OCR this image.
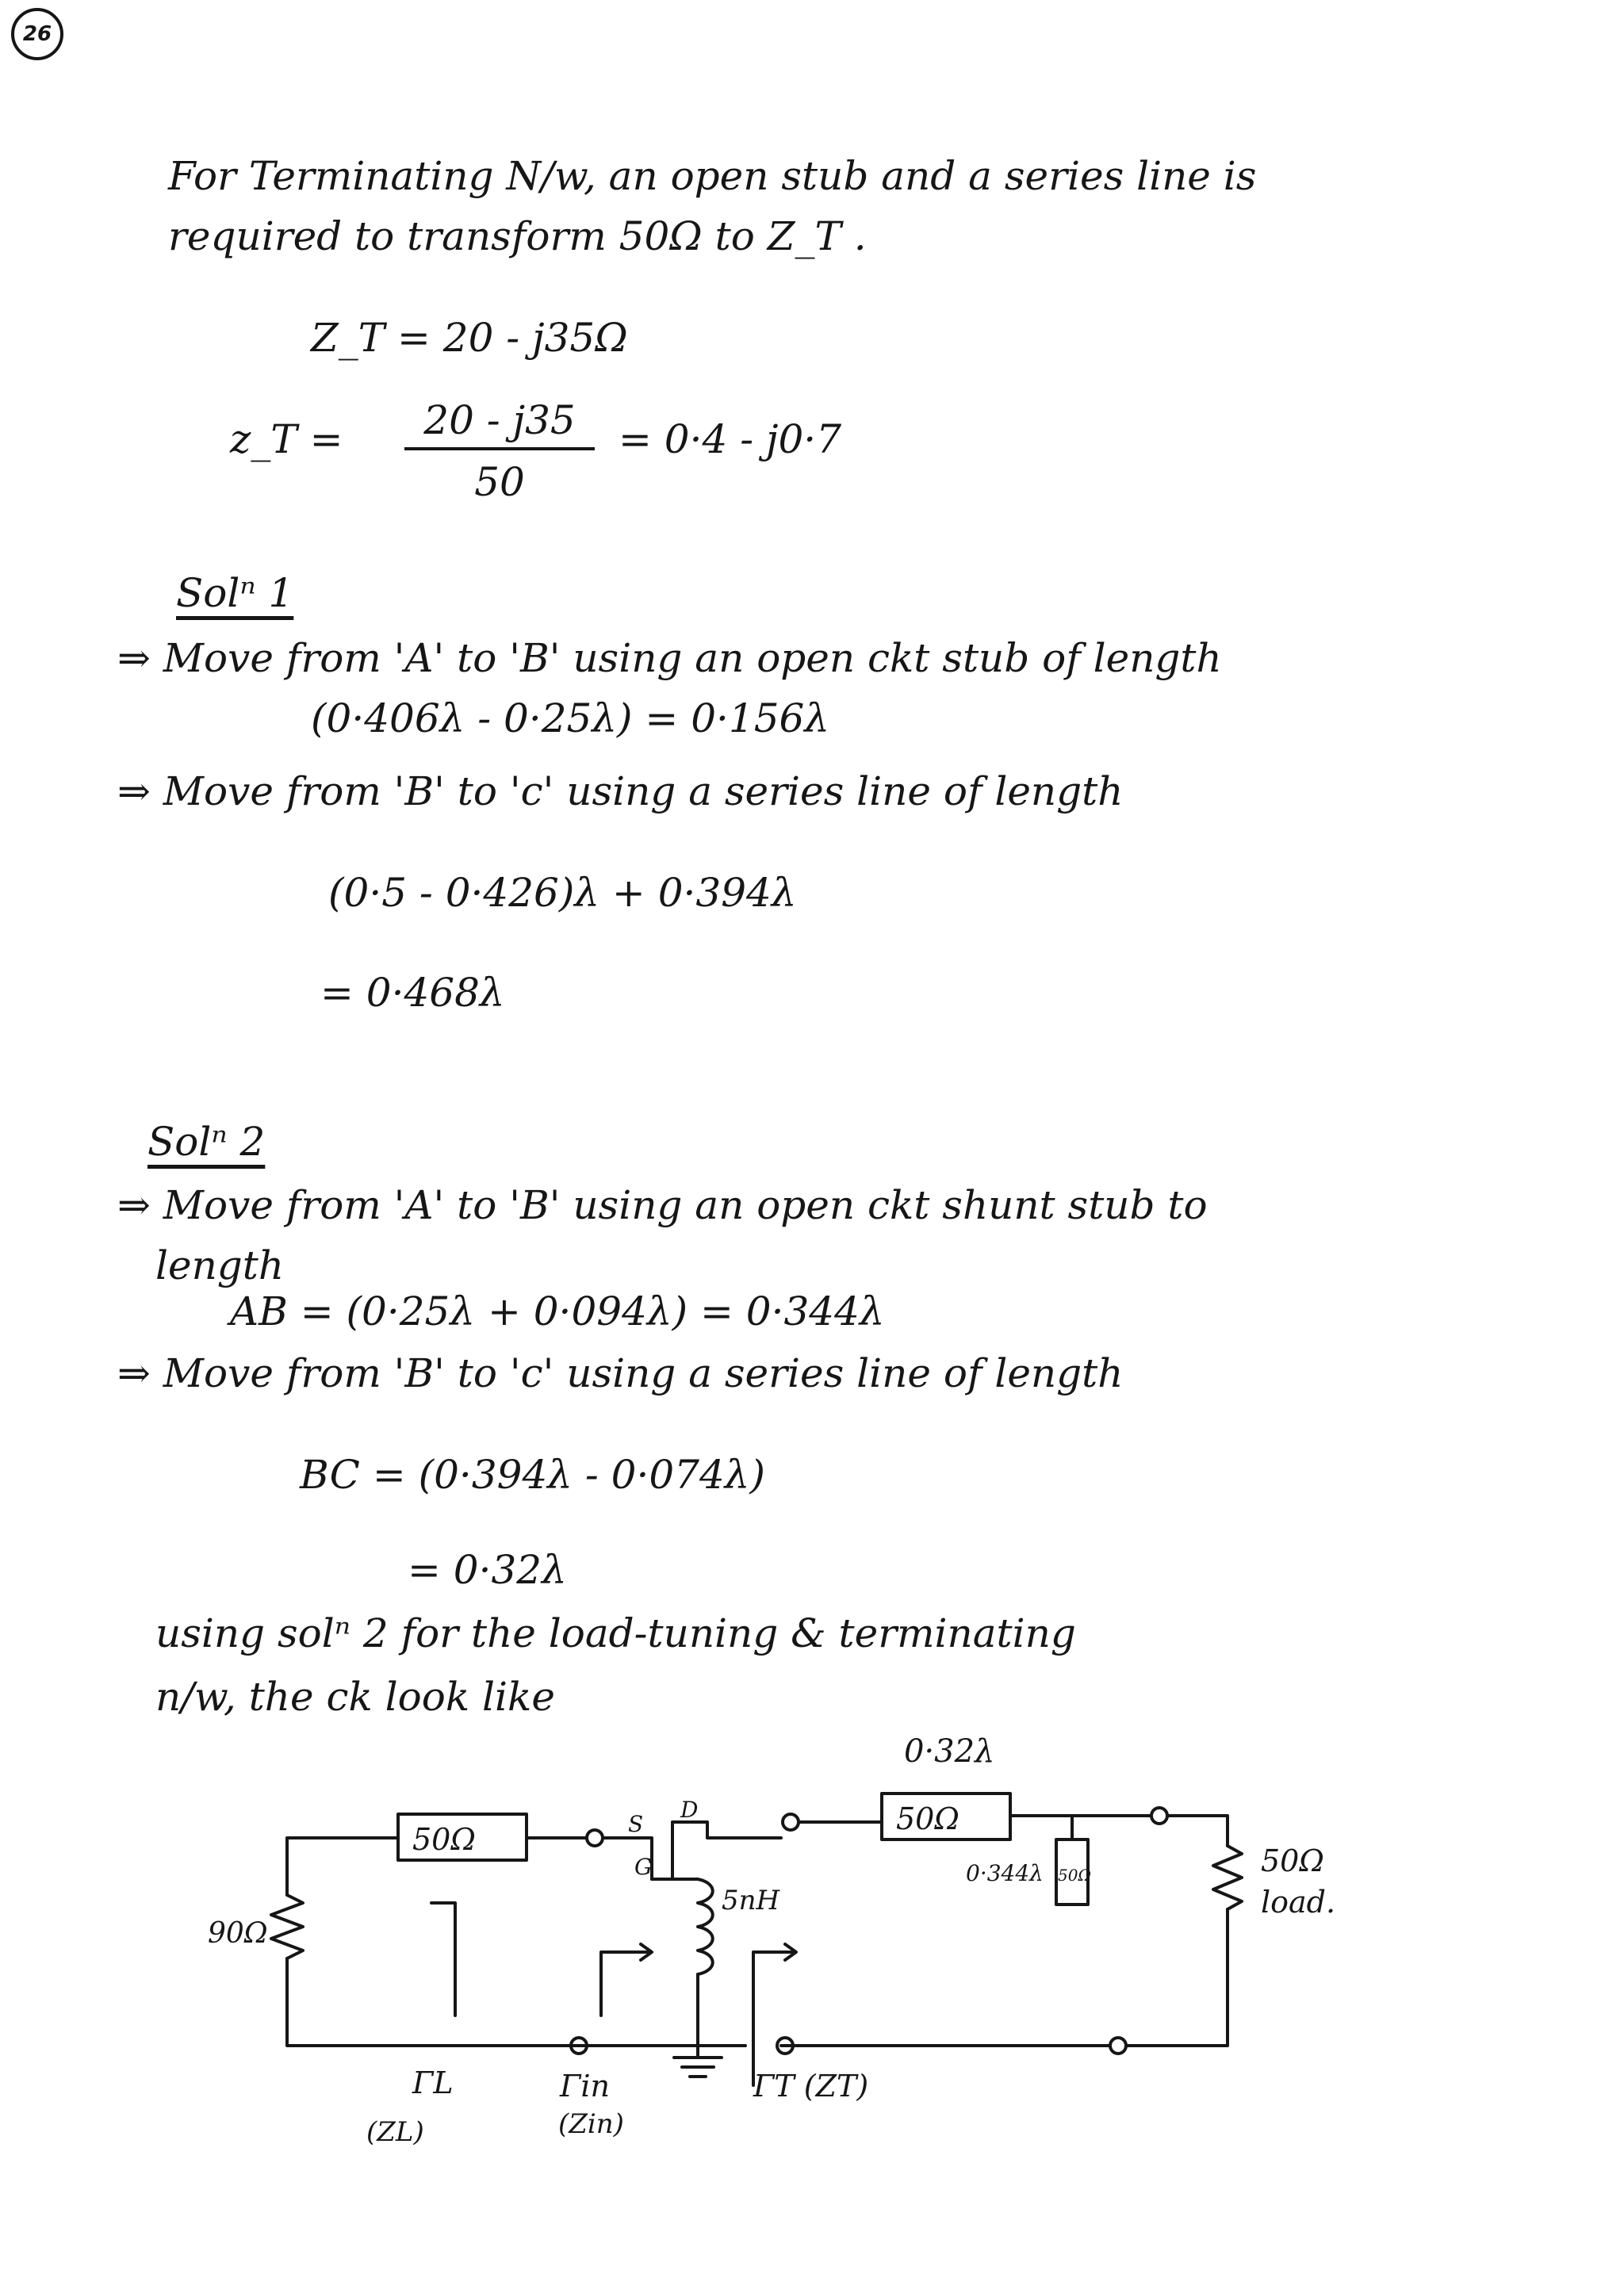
26
For Terminating N/w, an open stub and a series line is
required to transform 50Ω to Z_T .
Z_T = 20 - j35Ω
z_T =	20 - j35
50
= 0·4 - j0·7
Solⁿ 1
⇒ Move from 'A' to 'B' using an open ckt stub of length
(0·406λ - 0·25λ) = 0·156λ
⇒ Move from 'B' to 'c' using a series line of length
(0·5 - 0·426)λ + 0·394λ
= 0·468λ
Solⁿ 2
⇒ Move from 'A' to 'B' using an open ckt shunt stub to
length
AB = (0·25λ + 0·094λ) = 0·344λ
⇒ Move from 'B' to 'c' using a series line of length
BC = (0·394λ - 0·074λ)
= 0·32λ
using solⁿ 2 for the load-tuning & terminating
n/w, the ck look like
0·32λ
50Ω
50Ω
90Ω
0·344λ 50Ω	50Ω
load.
5nH
S
G
D
ΓL
(ZL)
Γin
(Zin)
ΓT (ZT)
